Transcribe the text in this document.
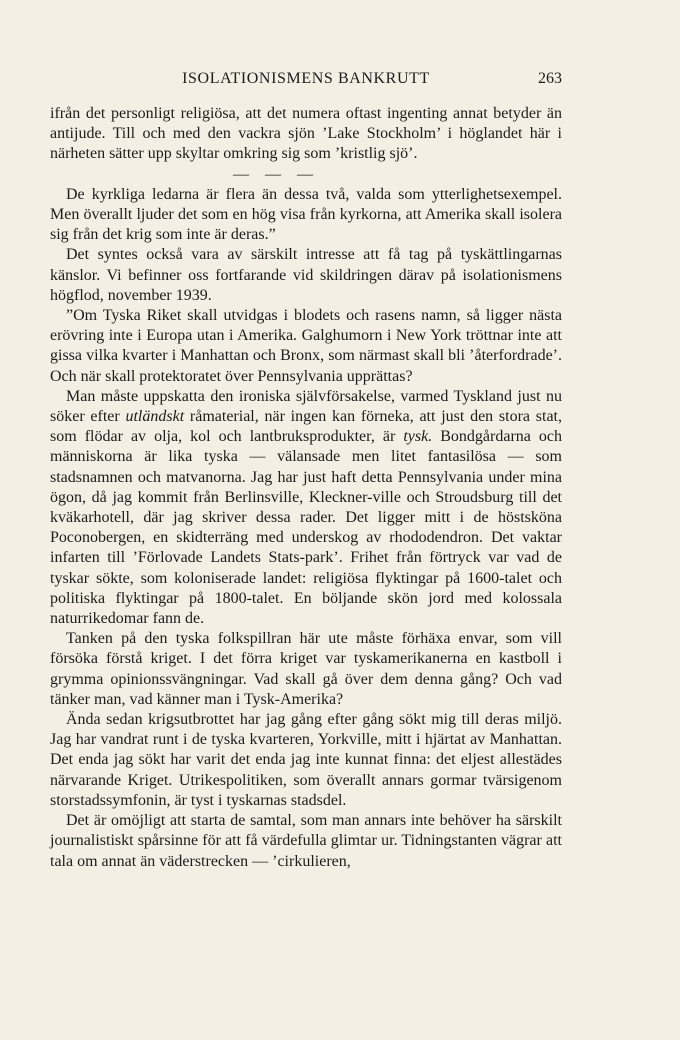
ISOLATIONISMENS BANKRUTT	263

ifrån det personligt religiösa, att det numera oftast ingenting annat betyder än antijude. Till och med den vackra sjön ’Lake Stockholm’ i höglandet här i närheten sätter upp skyltar omkring sig som ’kristlig sjö’.

— — —

De kyrkliga ledarna är flera än dessa två, valda som ytterlighetsexempel. Men överallt ljuder det som en hög visa från kyrkorna, att Amerika skall isolera sig från det krig som inte är deras.”

Det syntes också vara av särskilt intresse att få tag på tyskättlingarnas känslor. Vi befinner oss fortfarande vid skildringen därav på isolationismens högflod, november 1939.

”Om Tyska Riket skall utvidgas i blodets och rasens namn, så ligger nästa erövring inte i Europa utan i Amerika. Galghumorn i New York tröttnar inte att gissa vilka kvarter i Manhattan och Bronx, som närmast skall bli ’återfordrade’. Och när skall protektoratet över Pennsylvania upprättas?

Man måste uppskatta den ironiska självförsakelse, varmed Tyskland just nu söker efter utländskt råmaterial, när ingen kan förneka, att just den stora stat, som flödar av olja, kol och lantbruksprodukter, är tysk. Bondgårdarna och människorna är lika tyska — välansade men litet fantasilösa — som stadsnamnen och matvanorna. Jag har just haft detta Pennsylvania under mina ögon, då jag kommit från Berlinsville, Kleckner-ville och Stroudsburg till det kväkarhotell, där jag skriver dessa rader. Det ligger mitt i de höstsköna Poconobergen, en skidterräng med underskog av rhododendron. Det vaktar infarten till ’Förlovade Landets Stats-park’. Frihet från förtryck var vad de tyskar sökte, som koloniserade landet: religiösa flyktingar på 1600-talet och politiska flyktingar på 1800-talet. En böljande skön jord med kolossala naturrikedomar fann de.

Tanken på den tyska folkspillran här ute måste förhäxa envar, som vill försöka förstå kriget. I det förra kriget var tyskamerikanerna en kastboll i grymma opinionssvängningar. Vad skall gå över dem denna gång? Och vad tänker man, vad känner man i Tysk-Amerika?

Ända sedan krigsutbrottet har jag gång efter gång sökt mig till deras miljö. Jag har vandrat runt i de tyska kvarteren, Yorkville, mitt i hjärtat av Manhattan. Det enda jag sökt har varit det enda jag inte kunnat finna: det eljest allestädes närvarande Kriget. Utrikespolitiken, som överallt annars gormar tvärsigenom storstadssymfonin, är tyst i tyskarnas stadsdel.

Det är omöjligt att starta de samtal, som man annars inte behöver ha särskilt journalistiskt spårsinne för att få värdefulla glimtar ur. Tidningstanten vägrar att tala om annat än väderstrecken — ’cirkulieren,
